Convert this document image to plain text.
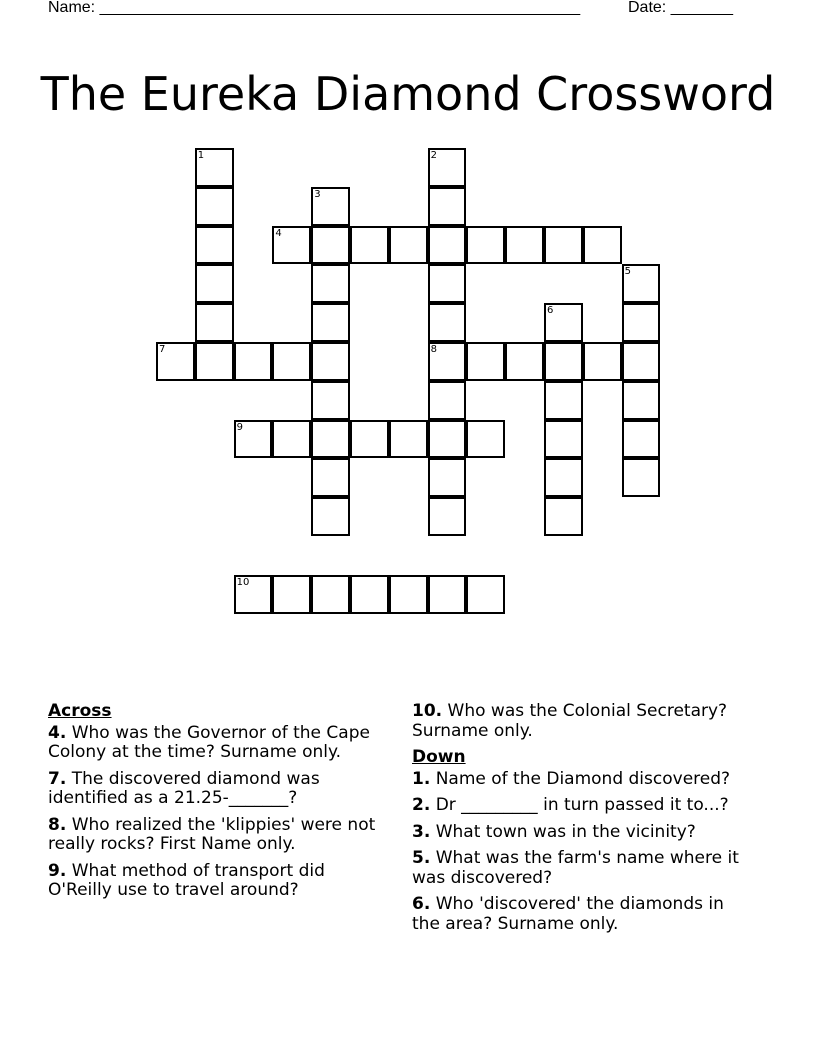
Name: ______________________________________________________	Date: _______
The Eureka Diamond Crossword
1	2
8
3
4
5
6
7
9
10
Across
4. Who was the Governor of the Cape Colony at the time? Surname only.
7. The discovered diamond was identified as a 21.25-_______?
8. Who realized the 'klippies' were not really rocks? First Name only.
9. What method of transport did O'Reilly use to travel around?
10. Who was the Colonial Secretary? Surname only.
Down
1. Name of the Diamond discovered?
2. Dr _________ in turn passed it to...?
3. What town was in the vicinity?
5. What was the farm's name where it was discovered?
6. Who 'discovered' the diamonds in the area? Surname only.
